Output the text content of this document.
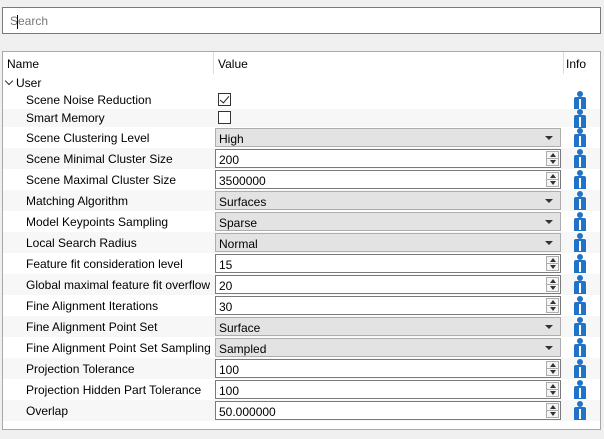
Search
Name	Value	Info
User
Scene Noise Reduction
Smart Memory
Scene Clustering Level	High
Scene Minimal Cluster Size	200
Scene Maximal Cluster Size	3500000
Matching Algorithm	Surfaces
Model Keypoints Sampling	Sparse
Local Search Radius	Normal
Feature fit consideration level	15
Global maximal feature fit overflow 20
Fine Alignment Iterations	30
Fine Alignment Point Set	Surface
Fine Alignment Point Set Sampling Sampled
Projection Tolerance	100
Projection Hidden Part Tolerance	100
Overlap	50.000000
